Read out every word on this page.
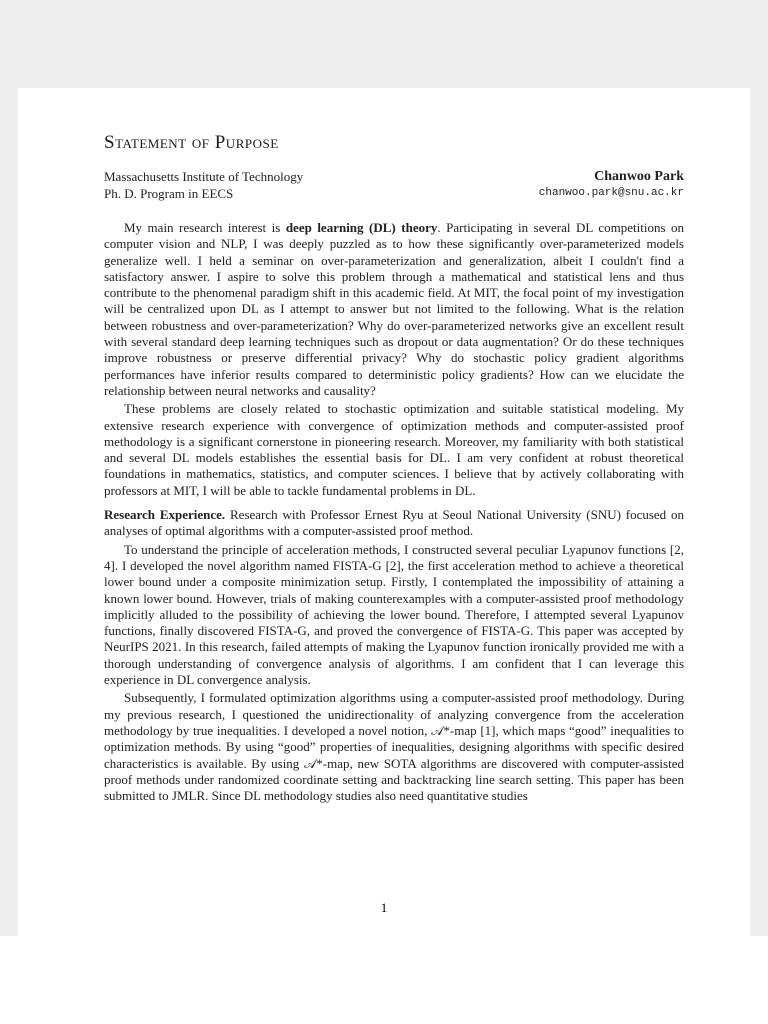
Statement of Purpose
Massachusetts Institute of Technology
Ph. D. Program in EECS
Chanwoo Park
chanwoo.park@snu.ac.kr

My main research interest is deep learning (DL) theory. Participating in several DL competitions on computer vision and NLP, I was deeply puzzled as to how these significantly over-parameterized models generalize well. I held a seminar on over-parameterization and generalization, albeit I couldn't find a satisfactory answer. I aspire to solve this problem through a mathematical and statistical lens and thus contribute to the phenomenal paradigm shift in this academic field. At MIT, the focal point of my investigation will be centralized upon DL as I attempt to answer but not limited to the following. What is the relation between robustness and over-parameterization? Why do over-parameterized networks give an excellent result with several standard deep learning techniques such as dropout or data augmentation? Or do these techniques improve robustness or preserve differential privacy? Why do stochastic policy gradient algorithms performances have inferior results compared to deterministic policy gradients? How can we elucidate the relationship between neural networks and causality?

These problems are closely related to stochastic optimization and suitable statistical modeling. My extensive research experience with convergence of optimization methods and computer-assisted proof methodology is a significant cornerstone in pioneering research. Moreover, my familiarity with both statistical and several DL models establishes the essential basis for DL. I am very confident at robust theoretical foundations in mathematics, statistics, and computer sciences. I believe that by actively collaborating with professors at MIT, I will be able to tackle fundamental problems in DL.

Research Experience. Research with Professor Ernest Ryu at Seoul National University (SNU) focused on analyses of optimal algorithms with a computer-assisted proof method.

To understand the principle of acceleration methods, I constructed several peculiar Lyapunov functions [2, 4]. I developed the novel algorithm named FISTA-G [2], the first acceleration method to achieve a theoretical lower bound under a composite minimization setup. Firstly, I contemplated the impossibility of attaining a known lower bound. However, trials of making counterexamples with a computer-assisted proof methodology implicitly alluded to the possibility of achieving the lower bound. Therefore, I attempted several Lyapunov functions, finally discovered FISTA-G, and proved the convergence of FISTA-G. This paper was accepted by NeurIPS 2021. In this research, failed attempts of making the Lyapunov function ironically provided me with a thorough understanding of convergence analysis of algorithms. I am confident that I can leverage this experience in DL convergence analysis.

Subsequently, I formulated optimization algorithms using a computer-assisted proof methodology. During my previous research, I questioned the unidirectionality of analyzing convergence from the acceleration methodology by true inequalities. I developed a novel notion, 𝒜*-map [1], which maps “good” inequalities to optimization methods. By using “good” properties of inequalities, designing algorithms with specific desired characteristics is available. By using 𝒜*-map, new SOTA algorithms are discovered with computer-assisted proof methods under randomized coordinate setting and backtracking line search setting. This paper has been submitted to JMLR. Since DL methodology studies also need quantitative studies

1
